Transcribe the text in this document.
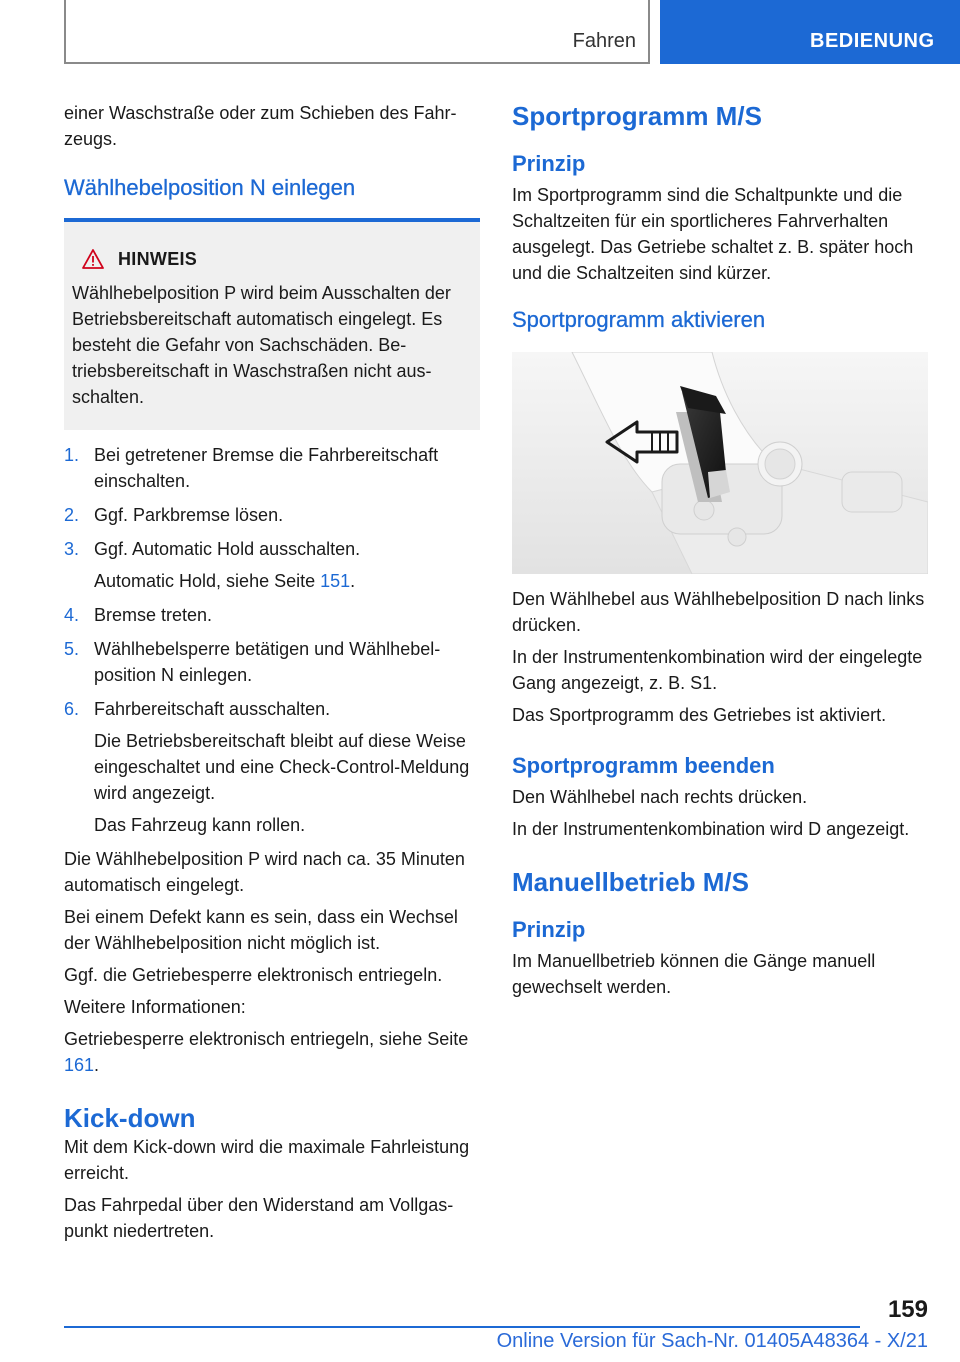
Fahren	BEDIENUNG

einer Waschstraße oder zum Schieben des Fahrzeugs.

Wählhebelposition N einlegen
HINWEIS

Wählhebelposition P wird beim Ausschalten der Betriebsbereitschaft automatisch eingelegt. Es besteht die Gefahr von Sachschäden. Betriebsbereitschaft in Waschstraßen nicht ausschalten.

1. Bei getretener Bremse die Fahrbereitschaft einschalten.
2. Ggf. Parkbremse lösen.
3. Ggf. Automatic Hold ausschalten.
Automatic Hold, siehe Seite 151.
4. Bremse treten.
5. Wählhebelsperre betätigen und Wählhebelposition N einlegen.
6. Fahrbereitschaft ausschalten.
Die Betriebsbereitschaft bleibt auf diese Weise eingeschaltet und eine Check-Control-Meldung wird angezeigt.
Das Fahrzeug kann rollen.

Die Wählhebelposition P wird nach ca. 35 Minuten automatisch eingelegt.

Bei einem Defekt kann es sein, dass ein Wechsel der Wählhebelposition nicht möglich ist.

Ggf. die Getriebesperre elektronisch entriegeln.

Weitere Informationen:

Getriebesperre elektronisch entriegeln, siehe Seite 161.

Kick-down

Mit dem Kick-down wird die maximale Fahrleistung erreicht.

Das Fahrpedal über den Widerstand am Vollgaspunkt niedertreten.

Sportprogramm M/S
Prinzip

Im Sportprogramm sind die Schaltpunkte und die Schaltzeiten für ein sportlicheres Fahrverhalten ausgelegt. Das Getriebe schaltet z. B. später hoch und die Schaltzeiten sind kürzer.

Sportprogramm aktivieren

Den Wählhebel aus Wählhebelposition D nach links drücken.

In der Instrumentenkombination wird der eingelegte Gang angezeigt, z. B. S1.

Das Sportprogramm des Getriebes ist aktiviert.

Sportprogramm beenden

Den Wählhebel nach rechts drücken.

In der Instrumentenkombination wird D angezeigt.

Manuellbetrieb M/S
Prinzip

Im Manuellbetrieb können die Gänge manuell gewechselt werden.

159
Online Version für Sach-Nr. 01405A48364 - X/21
